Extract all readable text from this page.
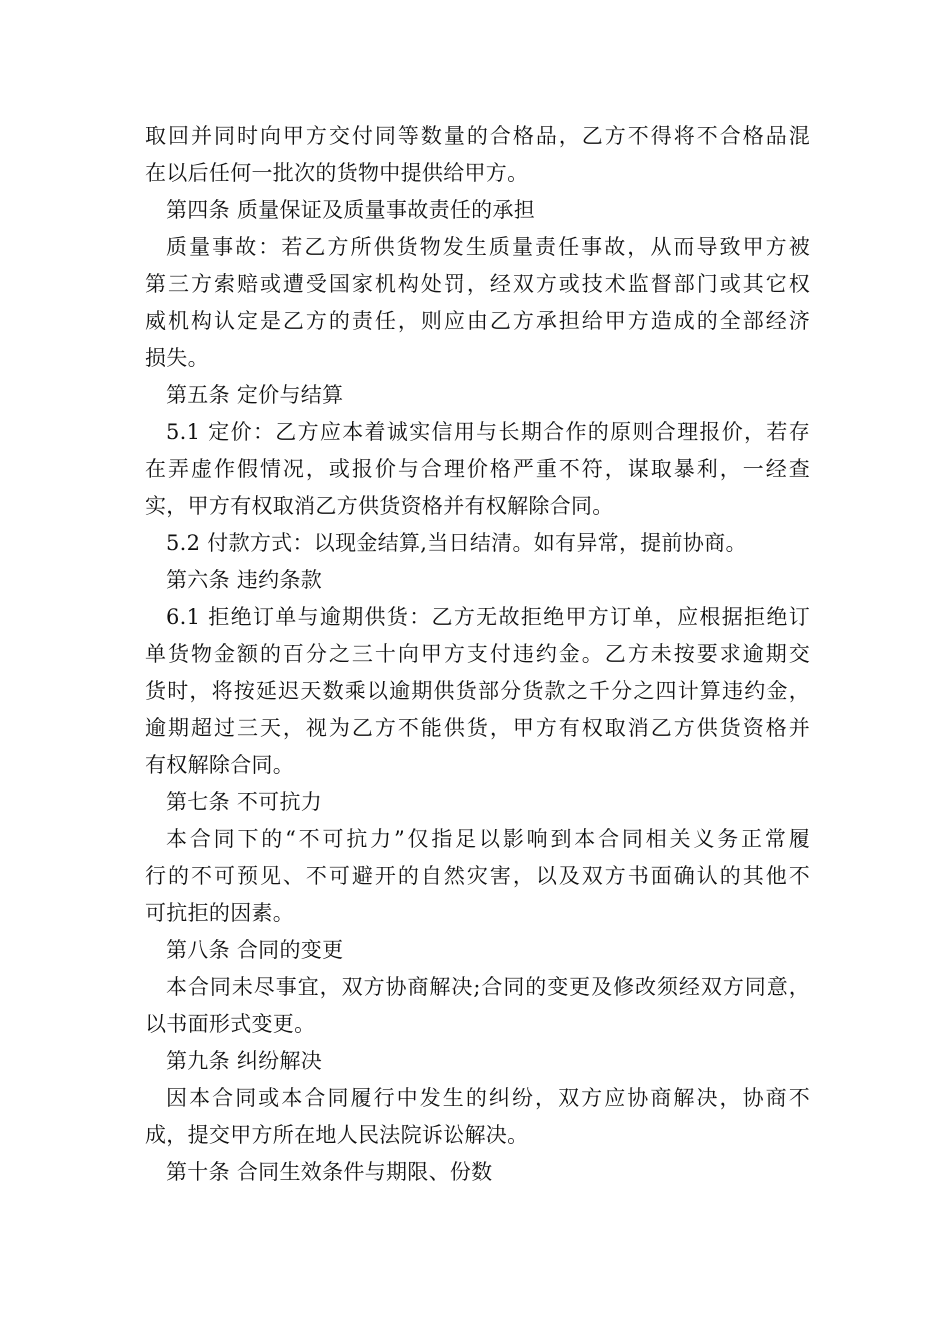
取回并同时向甲方交付同等数量的合格品，乙方不得将不合格品混
在以后任何一批次的货物中提供给甲方。
第四条 质量保证及质量事故责任的承担
质量事故：若乙方所供货物发生质量责任事故，从而导致甲方被
第三方索赔或遭受国家机构处罚，经双方或技术监督部门或其它权
威机构认定是乙方的责任，则应由乙方承担给甲方造成的全部经济
损失。
第五条 定价与结算
5.1 定价：乙方应本着诚实信用与长期合作的原则合理报价，若存
在弄虚作假情况，或报价与合理价格严重不符，谋取暴利，一经查
实，甲方有权取消乙方供货资格并有权解除合同。
5.2 付款方式：以现金结算,当日结清。如有异常，提前协商。
第六条 违约条款
6.1 拒绝订单与逾期供货：乙方无故拒绝甲方订单，应根据拒绝订
单货物金额的百分之三十向甲方支付违约金。乙方未按要求逾期交
货时，将按延迟天数乘以逾期供货部分货款之千分之四计算违约金，
逾期超过三天，视为乙方不能供货，甲方有权取消乙方供货资格并
有权解除合同。
第七条 不可抗力
本合同下的“不可抗力”仅指足以影响到本合同相关义务正常履
行的不可预见、不可避开的自然灾害，以及双方书面确认的其他不
可抗拒的因素。
第八条 合同的变更
本合同未尽事宜，双方协商解决;合同的变更及修改须经双方同意，
以书面形式变更。
第九条 纠纷解决
因本合同或本合同履行中发生的纠纷，双方应协商解决，协商不
成，提交甲方所在地人民法院诉讼解决。
第十条 合同生效条件与期限、份数
